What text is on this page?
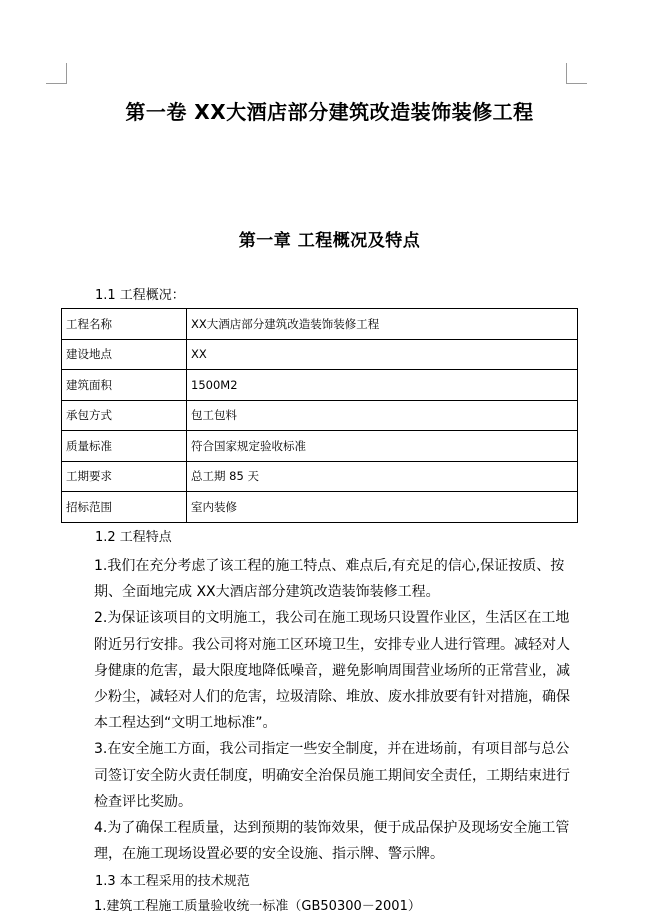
第一卷 XX大酒店部分建筑改造装饰装修工程
第一章 工程概况及特点
1.1 工程概况：
工程名称	XX大酒店部分建筑改造装饰装修工程
建设地点	XX
建筑面积	1500M2
承包方式	包工包料
质量标准	符合国家规定验收标准
工期要求	总工期 85 天
招标范围	室内装修
1.2 工程特点

1.我们在充分考虑了该工程的施工特点、难点后,有充足的信心,保证按质、按期、全面地完成 XX大酒店部分建筑改造装饰装修工程。

2.为保证该项目的文明施工，我公司在施工现场只设置作业区，生活区在工地附近另行安排。我公司将对施工区环境卫生，安排专业人进行管理。减轻对人身健康的危害，最大限度地降低噪音，避免影响周围营业场所的正常营业，减少粉尘，减轻对人们的危害，垃圾清除、堆放、废水排放要有针对措施，确保本工程达到“文明工地标准”。

3.在安全施工方面，我公司指定一些安全制度，并在进场前，有项目部与总公司签订安全防火责任制度，明确安全治保员施工期间安全责任，工期结束进行检查评比奖励。

4.为了确保工程质量，达到预期的装饰效果，便于成品保护及现场安全施工管理，在施工现场设置必要的安全设施、指示牌、警示牌。

1.3 本工程采用的技术规范
1.建筑工程施工质量验收统一标准（GB50300－2001）
